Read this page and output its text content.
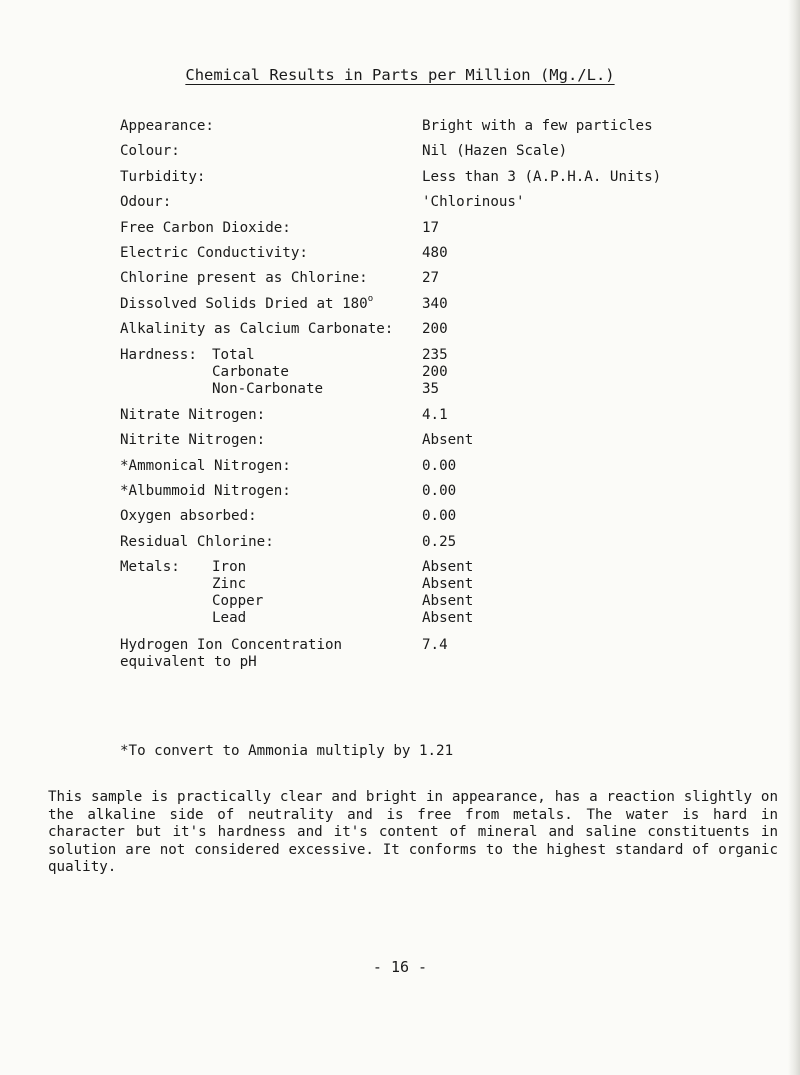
Chemical Results in Parts per Million (Mg./L.)
Appearance:	Bright with a few particles
Colour:	Nil (Hazen Scale)
Turbidity:	Less than 3 (A.P.H.A. Units)
Odour:	'Chlorinous'
Free Carbon Dioxide:	17
Electric Conductivity:	480
Chlorine present as Chlorine:	27
Dissolved Solids Dried at 180$^o$	340
Alkalinity as Calcium Carbonate:	200
Hardness: Total	235
Carbonate	200
Non-Carbonate	35
Nitrate Nitrogen:	4.1
Nitrite Nitrogen:	Absent
*Ammonical Nitrogen:	0.00
*Albummoid Nitrogen:	0.00
Oxygen absorbed:	0.00
Residual Chlorine:	0.25
Metals: Iron	Absent
Zinc	Absent
Copper	Absent
Lead	Absent
Hydrogen Ion Concentration	7.4
equivalent to pH
*To convert to Ammonia multiply by 1.21
This sample is practically clear and bright in appearance, has a reaction slightly on the alkaline side of neutrality and is free from metals. The water is hard in character but it's hardness and it's content of mineral and saline constituents in solution are not considered excessive. It conforms to the highest standard of organic quality.
- 16 -
